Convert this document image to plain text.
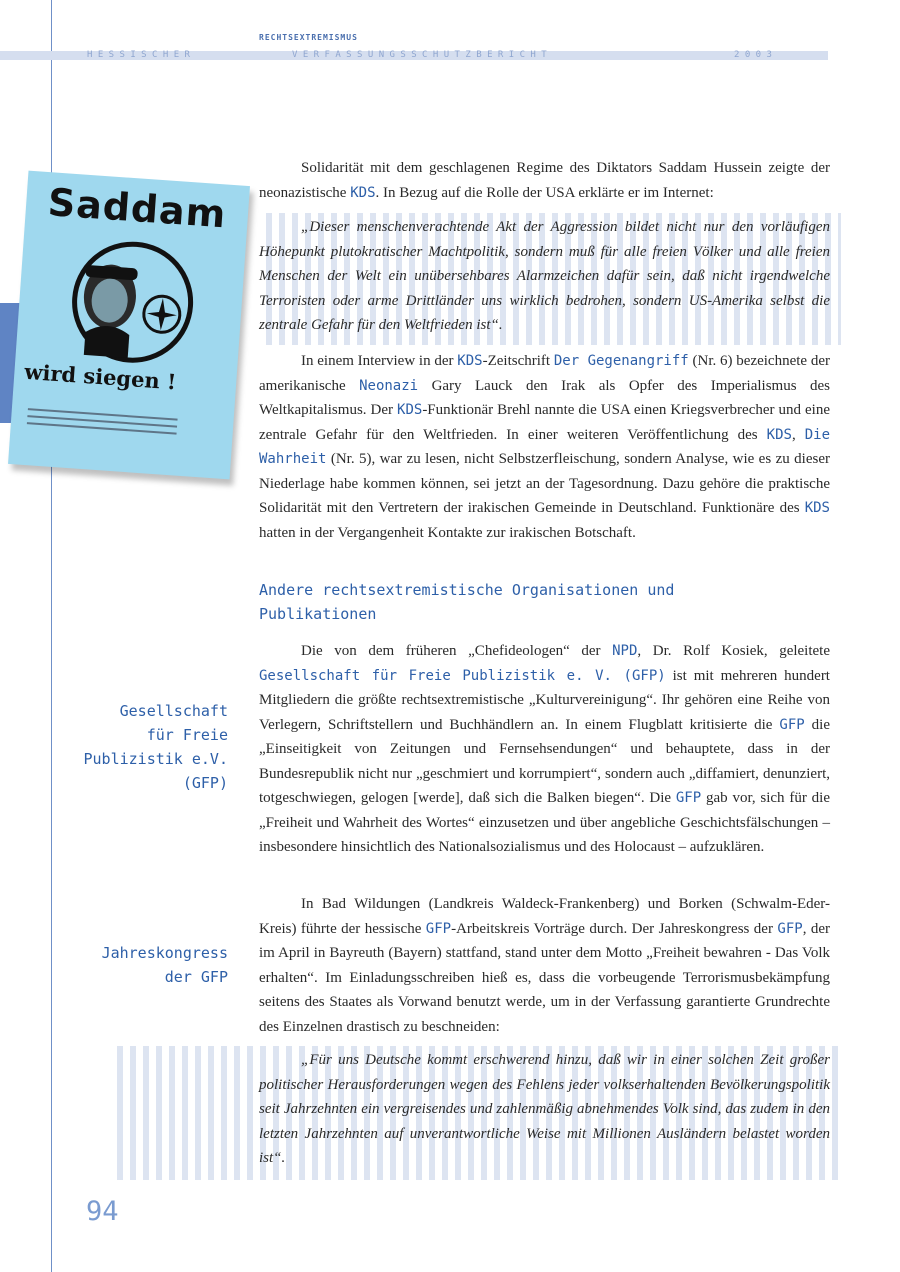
RECHTSEXTREMISMUS
H E S S I S C H E R	V E R F A S S U N G S S C H U T Z B E R I C H T	2 0 0 3
Saddam
wird siegen !

Solidarität mit dem geschlagenen Regime des Diktators Saddam Hussein zeigte der neonazistische KDS. In Bezug auf die Rolle der USA erklärte er im Internet:

„Dieser menschenverachtende Akt der Aggression bildet nicht nur den vorläufigen Höhepunkt plutokratischer Machtpolitik, sondern muß für alle freien Völker und alle freien Menschen der Welt ein unübersehbares Alarmzeichen dafür sein, daß nicht irgendwelche Terroristen oder arme Drittländer uns wirklich bedrohen, sondern US-Amerika selbst die zentrale Gefahr für den Weltfrieden ist“.

In einem Interview in der KDS-Zeitschrift Der Gegenangriff (Nr. 6) bezeichnete der amerikanische Neonazi Gary Lauck den Irak als Opfer des Imperialismus des Weltkapitalismus. Der KDS-Funktionär Brehl nannte die USA einen Kriegsverbrecher und eine zentrale Gefahr für den Weltfrieden. In einer weiteren Veröffentlichung des KDS, Die Wahrheit (Nr. 5), war zu lesen, nicht Selbstzerfleischung, sondern Analyse, wie es zu dieser Niederlage habe kommen können, sei jetzt an der Tagesordnung. Dazu gehöre die praktische Solidarität mit den Vertretern der irakischen Gemeinde in Deutschland. Funktionäre des KDS hatten in der Vergangenheit Kontakte zur irakischen Botschaft.

Andere rechtsextremistische Organisationen und Publikationen

Die von dem früheren „Chefideologen“ der NPD, Dr. Rolf Kosiek, geleitete Gesellschaft für Freie Publizistik e. V. (GFP) ist mit mehreren hundert Mitgliedern die größte rechtsextremistische „Kulturvereinigung“. Ihr gehören eine Reihe von Verlegern, Schriftstellern und Buchhändlern an. In einem Flugblatt kritisierte die GFP die „Einseitigkeit von Zeitungen und Fernsehsendungen“ und behauptete, dass in der Bundesrepublik nicht nur „geschmiert und korrumpiert“, sondern auch „diffamiert, denunziert, totgeschwiegen, gelogen [werde], daß sich die Balken biegen“. Die GFP gab vor, sich für die „Freiheit und Wahrheit des Wortes“ einzusetzen und über angebliche Geschichtsfälschungen – insbesondere hinsichtlich des Nationalsozialismus und des Holocaust – aufzuklären.

In Bad Wildungen (Landkreis Waldeck-Frankenberg) und Borken (Schwalm-Eder-Kreis) führte der hessische GFP-Arbeitskreis Vorträge durch. Der Jahreskongress der GFP, der im April in Bayreuth (Bayern) stattfand, stand unter dem Motto „Freiheit bewahren - Das Volk erhalten“. Im Einladungsschreiben hieß es, dass die vorbeugende Terrorismusbekämpfung seitens des Staates als Vorwand benutzt werde, um in der Verfassung garantierte Grundrechte des Einzelnen drastisch zu beschneiden:

„Für uns Deutsche kommt erschwerend hinzu, daß wir in einer solchen Zeit großer politischer Herausforderungen wegen des Fehlens jeder volkserhaltenden Bevölkerungspolitik seit Jahrzehnten ein vergreisendes und zahlenmäßig abnehmendes Volk sind, das zudem in den letzten Jahrzehnten auf unverantwortliche Weise mit Millionen Ausländern belastet worden ist“.
Gesellschaft
für Freie
Publizistik e.V.
(GFP)
Jahreskongress
der GFP
94
